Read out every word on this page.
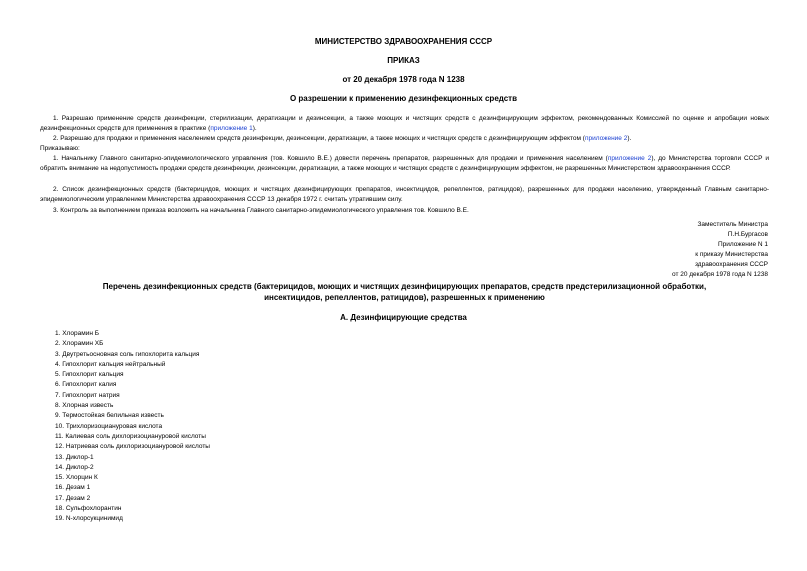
МИНИСТЕРСТВО ЗДРАВООХРАНЕНИЯ СССР
ПРИКАЗ
от 20 декабря 1978 года N 1238
О разрешении к применению дезинфекционных средств
1. Разрешаю применение средств дезинфекции, стерилизации, дератизации и дезинсекции, а также моющих и чистящих средств с дезинфицирующим эффектом, рекомендованных Комиссией по оценке и апробации новых дезинфекционных средств для применения в практике (приложение 1).
2. Разрешаю для продажи и применения населением средств дезинфекции, дезинсекции, дератизации, а также моющих и чистящих средств с дезинфицирующим эффектом (приложение 2).
Приказываю:
1. Начальнику Главного санитарно-эпидемиологического управления (тов. Ковшило В.Е.) довести перечень препаратов, разрешенных для продажи и применения населением (приложение 2), до Министерства торговли СССР и обратить внимание на недопустимость продажи средств дезинфекции, дезинсекции, дератизации, а также моющих и чистящих средств с дезинфицирующим эффектом, не разрешенных Министерством здравоохранения СССР.
2. Список дезинфекционных средств (бактерицидов, моющих и чистящих дезинфицирующих препаратов, инсектицидов, репеллентов, ратицидов), разрешенных для продажи населению, утвержденный Главным санитарно-эпидемиологическим управлением Министерства здравоохранения СССР 13 декабря 1972 г. считать утратившим силу.
3. Контроль за выполнением приказа возложить на начальника Главного санитарно-эпидемиологического управления тов. Ковшило В.Е.
Заместитель Министра
П.Н.Бургасов
Приложение N 1
к приказу Министерства
здравоохранения СССР
от 20 декабря 1978 года N 1238
Перечень дезинфекционных средств (бактерицидов, моющих и чистящих дезинфицирующих препаратов, средств предстерилизационной обработки,
инсектицидов, репеллентов, ратицидов), разрешенных к применению
А. Дезинфицирующие средства
1. Хлорамин Б
2. Хлорамин ХБ
3. Двутретьосновная соль гипохлорита кальция
4. Гипохлорит кальция нейтральный
5. Гипохлорит кальция
6. Гипохлорит калия
7. Гипохлорит натрия
8. Хлорная известь
9. Термостойкая белильная известь
10. Трихлоризоциануровая кислота
11. Калиевая соль дихлоризоциануровой кислоты
12. Натриевая соль дихлоризоциануровой кислоты
13. Диклор-1
14. Диклор-2
15. Хлорцин К
16. Дезам 1
17. Дезам 2
18. Сульфохлорантин
19. N-хлорсукцинимид
